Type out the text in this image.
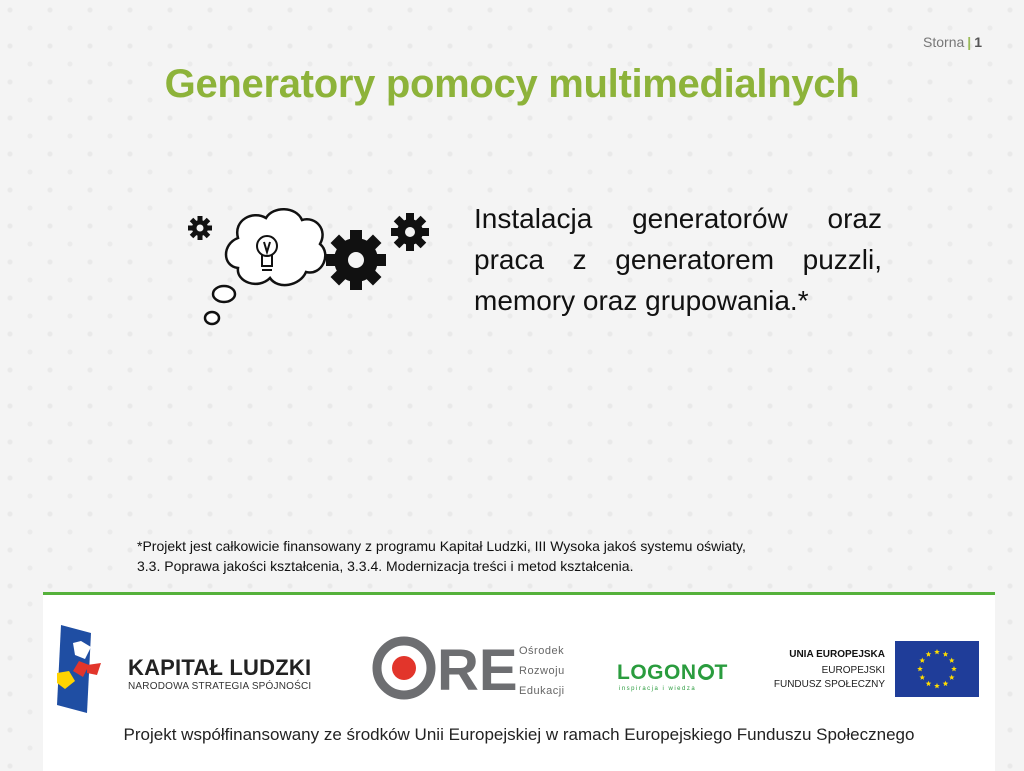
Storna | 1
Generatory pomocy multimedialnych
Instalacja generatorów oraz praca z generatorem puzzli, memory oraz grupowania.*
*Projekt jest całkowicie finansowany z programu Kapitał Ludzki, III Wysoka jakoś systemu oświaty,
3.3. Poprawa jakości kształcenia, 3.3.4. Modernizacja treści i metod kształcenia.
KAPITAŁ LUDZKI
NARODOWA STRATEGIA SPÓJNOŚCI RE Ośrodek
Rozwoju
Edukacji
LOGON T
inspiracja i wiedza
UNIA EUROPEJSKA
EUROPEJSKI
FUNDUSZ SPOŁECZNY
Projekt współfinansowany ze środków Unii Europejskiej w ramach Europejskiego Funduszu Społecznego
